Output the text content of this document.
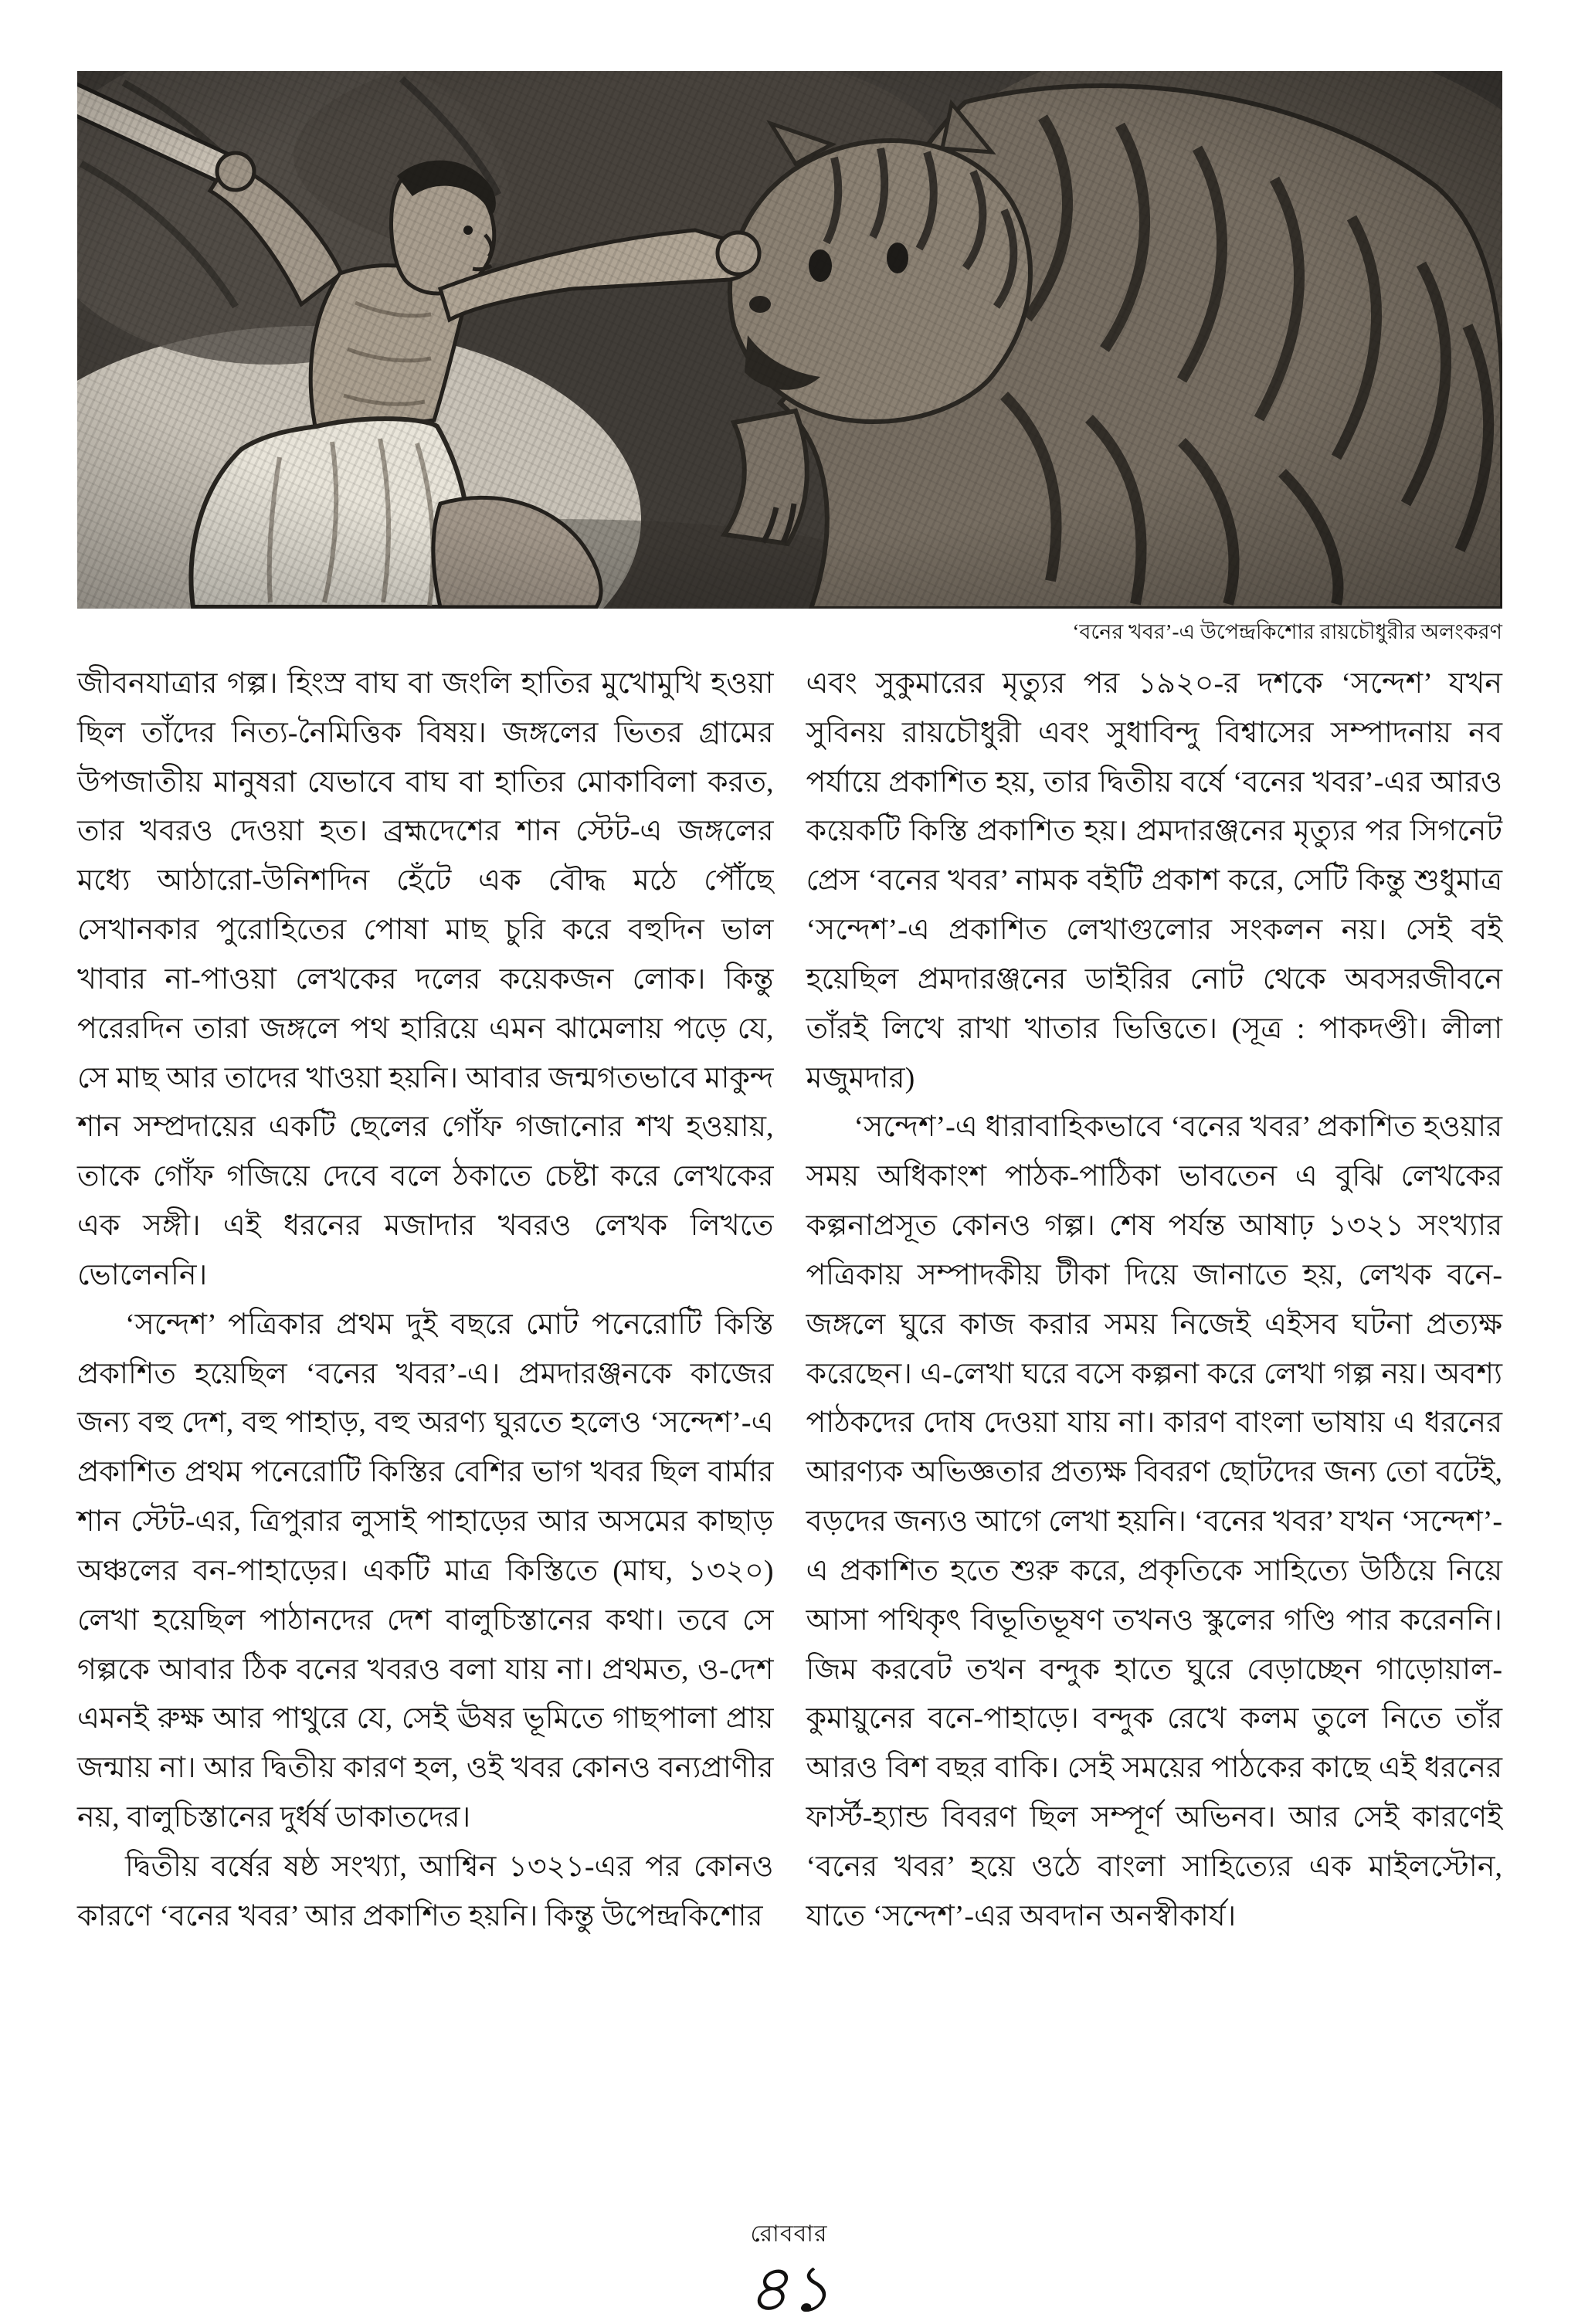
‘বনের খবর’-এ উপেন্দ্রকিশোর রায়চৌধুরীর অলংকরণ

জীবনযাত্রার গল্প। হিংস্র বাঘ বা জংলি হাতির মুখোমুখি হওয়া ছিল তাঁদের নিত্য-নৈমিত্তিক বিষয়। জঙ্গলের ভিতর গ্রামের উপজাতীয় মানুষরা যেভাবে বাঘ বা হাতির মোকাবিলা করত, তার খবরও দেওয়া হত। ব্রহ্মদেশের শান স্টেট-এ জঙ্গলের মধ্যে আঠারো-উনিশদিন হেঁটে এক বৌদ্ধ মঠে পৌঁছে সেখানকার পুরোহিতের পোষা মাছ চুরি করে বহুদিন ভাল খাবার না-পাওয়া লেখকের দলের কয়েকজন লোক। কিন্তু পরেরদিন তারা জঙ্গলে পথ হারিয়ে এমন ঝামেলায় পড়ে যে, সে মাছ আর তাদের খাওয়া হয়নি। আবার জন্মগতভাবে মাকুন্দ শান সম্প্রদায়ের একটি ছেলের গোঁফ গজানোর শখ হওয়ায়, তাকে গোঁফ গজিয়ে দেবে বলে ঠকাতে চেষ্টা করে লেখকের এক সঙ্গী। এই ধরনের মজাদার খবরও লেখক লিখতে ভোলেননি।

‘সন্দেশ’ পত্রিকার প্রথম দুই বছরে মোট পনেরোটি কিস্তি প্রকাশিত হয়েছিল ‘বনের খবর’-এ। প্রমদারঞ্জনকে কাজের জন্য বহু দেশ, বহু পাহাড়, বহু অরণ্য ঘুরতে হলেও ‘সন্দেশ’-এ প্রকাশিত প্রথম পনেরোটি কিস্তির বেশির ভাগ খবর ছিল বার্মার শান স্টেট-এর, ত্রিপুরার লুসাই পাহাড়ের আর অসমের কাছাড় অঞ্চলের বন-পাহাড়ের। একটি মাত্র কিস্তিতে (মাঘ, ১৩২০) লেখা হয়েছিল পাঠানদের দেশ বালুচিস্তানের কথা। তবে সে গল্পকে আবার ঠিক বনের খবরও বলা যায় না। প্রথমত, ও-দেশ এমনই রুক্ষ আর পাথুরে যে, সেই ঊষর ভূমিতে গাছপালা প্রায় জন্মায় না। আর দ্বিতীয় কারণ হল, ওই খবর কোনও বন্যপ্রাণীর নয়, বালুচিস্তানের দুর্ধর্ষ ডাকাতদের।

দ্বিতীয় বর্ষের ষষ্ঠ সংখ্যা, আশ্বিন ১৩২১-এর পর কোনও কারণে ‘বনের খবর’ আর প্রকাশিত হয়নি। কিন্তু উপেন্দ্রকিশোর

এবং সুকুমারের মৃত্যুর পর ১৯২০-র দশকে ‘সন্দেশ’ যখন সুবিনয় রায়চৌধুরী এবং সুধাবিন্দু বিশ্বাসের সম্পাদনায় নব পর্যায়ে প্রকাশিত হয়, তার দ্বিতীয় বর্ষে ‘বনের খবর’-এর আরও কয়েকটি কিস্তি প্রকাশিত হয়। প্রমদারঞ্জনের মৃত্যুর পর সিগনেট প্রেস ‘বনের খবর’ নামক বইটি প্রকাশ করে, সেটি কিন্তু শুধুমাত্র ‘সন্দেশ’-এ প্রকাশিত লেখাগুলোর সংকলন নয়। সেই বই হয়েছিল প্রমদারঞ্জনের ডাইরির নোট থেকে অবসরজীবনে তাঁরই লিখে রাখা খাতার ভিত্তিতে। (সূত্র : পাকদণ্ডী। লীলা মজুমদার)

‘সন্দেশ’-এ ধারাবাহিকভাবে ‘বনের খবর’ প্রকাশিত হওয়ার সময় অধিকাংশ পাঠক-পাঠিকা ভাবতেন এ বুঝি লেখকের কল্পনাপ্রসূত কোনও গল্প। শেষ পর্যন্ত আষাঢ় ১৩২১ সংখ্যার পত্রিকায় সম্পাদকীয় টীকা দিয়ে জানাতে হয়, লেখক বনে-জঙ্গলে ঘুরে কাজ করার সময় নিজেই এইসব ঘটনা প্রত্যক্ষ করেছেন। এ-লেখা ঘরে বসে কল্পনা করে লেখা গল্প নয়। অবশ্য পাঠকদের দোষ দেওয়া যায় না। কারণ বাংলা ভাষায় এ ধরনের আরণ্যক অভিজ্ঞতার প্রত্যক্ষ বিবরণ ছোটদের জন্য তো বটেই, বড়দের জন্যও আগে লেখা হয়নি। ‘বনের খবর’ যখন ‘সন্দেশ’-এ প্রকাশিত হতে শুরু করে, প্রকৃতিকে সাহিত্যে উঠিয়ে নিয়ে আসা পথিকৃৎ বিভূতিভূষণ তখনও স্কুলের গণ্ডি পার করেননি। জিম করবেট তখন বন্দুক হাতে ঘুরে বেড়াচ্ছেন গাড়োয়াল-কুমায়ুনের বনে-পাহাড়ে। বন্দুক রেখে কলম তুলে নিতে তাঁর আরও বিশ বছর বাকি। সেই সময়ের পাঠকের কাছে এই ধরনের ফার্স্ট-হ্যান্ড বিবরণ ছিল সম্পূর্ণ অভিনব। আর সেই কারণেই ‘বনের খবর’ হয়ে ওঠে বাংলা সাহিত্যের এক মাইলস্টোন, যাতে ‘সন্দেশ’-এর অবদান অনস্বীকার্য।

রোববার
৪১
